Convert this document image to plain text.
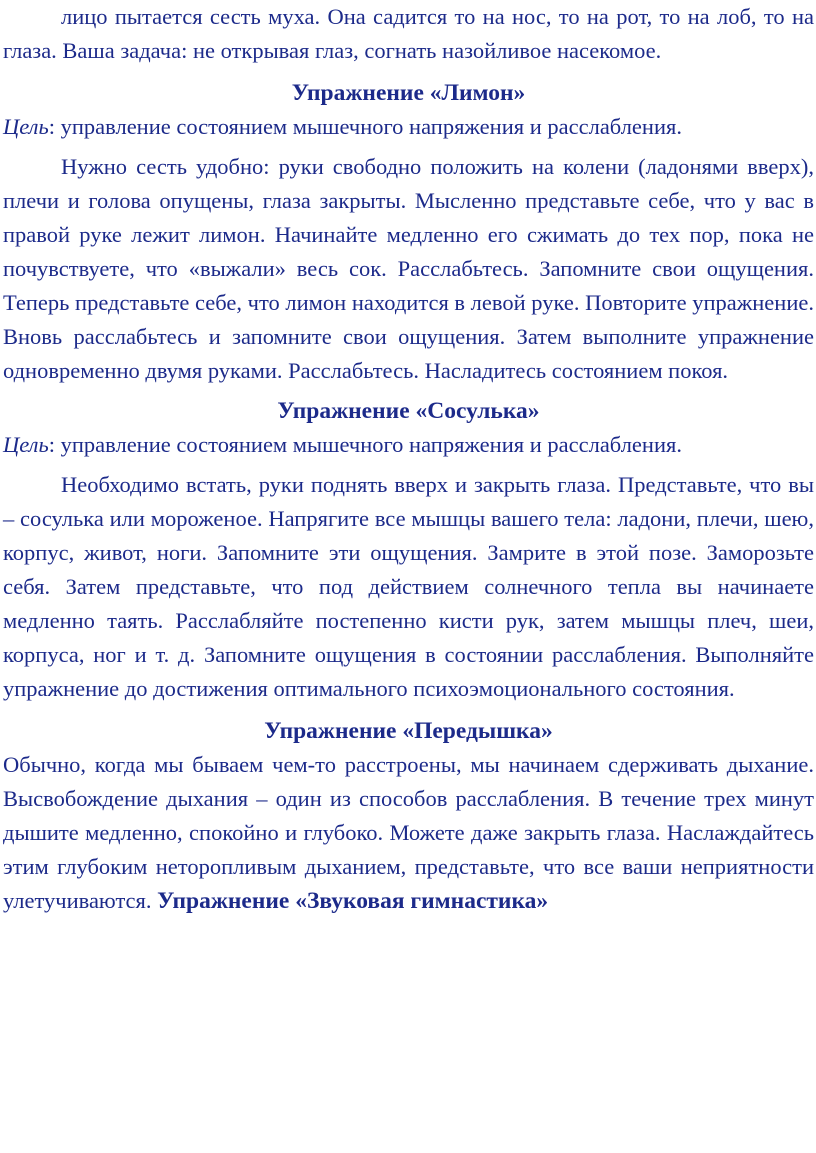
лицо пытается сесть муха. Она садится то на нос, то на рот, то на лоб, то на глаза. Ваша задача: не открывая глаз, согнать назойливое насекомое.

Упражнение «Лимон»

Цель: управление состоянием мышечного напряжения и расслабления.

Нужно сесть удобно: руки свободно положить на колени (ладонями вверх), плечи и голова опущены, глаза закрыты. Мысленно представьте себе, что у вас в правой руке лежит лимон. Начинайте медленно его сжимать до тех пор, пока не почувствуете, что «выжали» весь сок. Расслабьтесь. Запомните свои ощущения. Теперь представьте себе, что лимон находится в левой руке. Повторите упражнение. Вновь расслабьтесь и запомните свои ощущения. Затем выполните упражнение одновременно двумя руками. Расслабьтесь. Насладитесь состоянием покоя.

Упражнение «Сосулька»

Цель: управление состоянием мышечного напряжения и расслабления.

Необходимо встать, руки поднять вверх и закрыть глаза. Представьте, что вы – сосулька или мороженое. Напрягите все мышцы вашего тела: ладони, плечи, шею, корпус, живот, ноги. Запомните эти ощущения. Замрите в этой позе. Заморозьте себя. Затем представьте, что под действием солнечного тепла вы начинаете медленно таять. Расслабляйте постепенно кисти рук, затем мышцы плеч, шеи, корпуса, ног и т. д. Запомните ощущения в состоянии расслабления. Выполняйте упражнение до достижения оптимального психоэмоционального состояния.

Упражнение «Передышка»

Обычно, когда мы бываем чем-то расстроены, мы начинаем сдерживать дыхание. Высвобождение дыхания – один из способов расслабления. В течение трех минут дышите медленно, спокойно и глубоко. Можете даже закрыть глаза. Наслаждайтесь этим глубоким неторопливым дыханием, представьте, что все ваши неприятности улетучиваются. Упражнение «Звуковая гимнастика»
